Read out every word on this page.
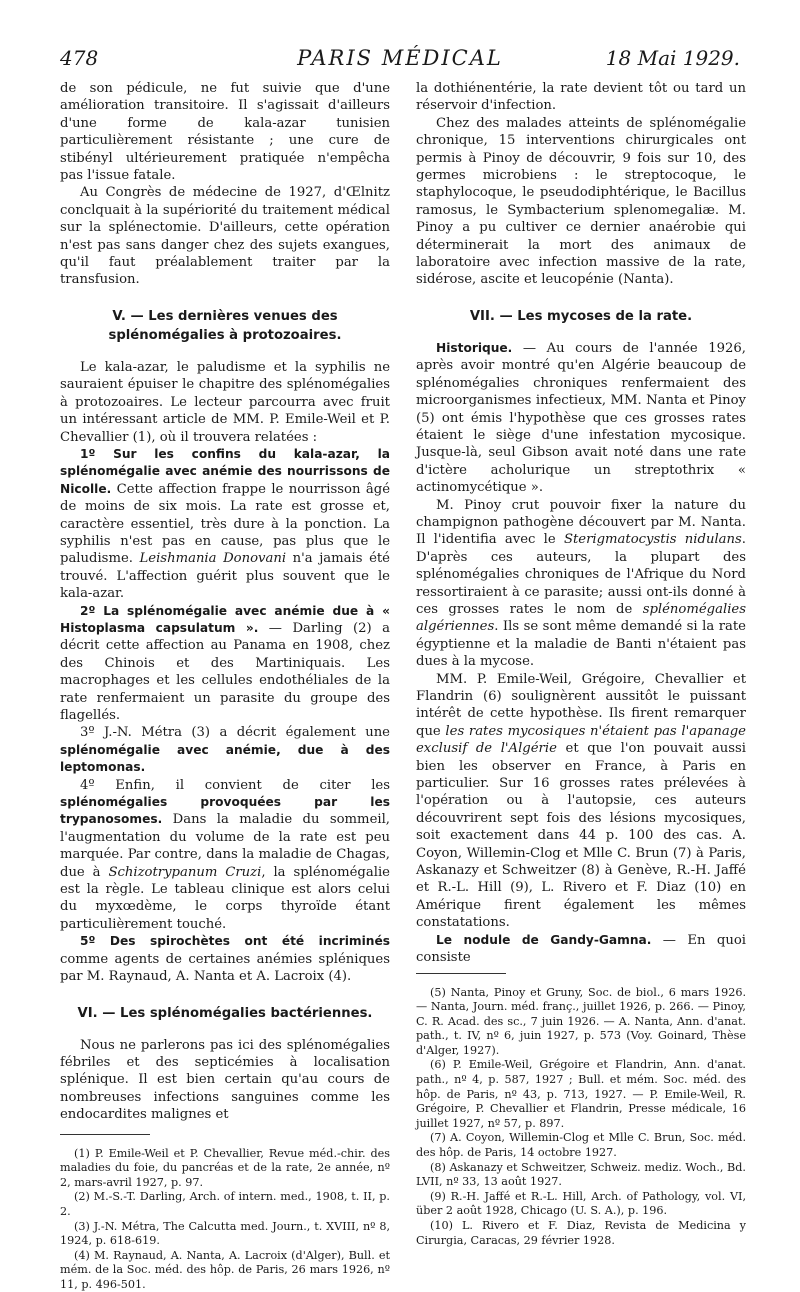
478	PARIS MÉDICAL	18 Mai 1929.

de son pédicule, ne fut suivie que d'une amélioration transitoire. Il s'agissait d'ailleurs d'une forme de kala-azar tunisien particulièrement résistante ; une cure de stibényl ultérieurement pratiquée n'empêcha pas l'issue fatale.

Au Congrès de médecine de 1927, d'Œlnitz conclquait à la supériorité du traitement médical sur la splénectomie. D'ailleurs, cette opération n'est pas sans danger chez des sujets exangues, qu'il faut préalablement traiter par la transfusion.

V. — Les dernières venues des splénomégalies à protozoaires.

Le kala-azar, le paludisme et la syphilis ne sauraient épuiser le chapitre des splénomégalies à protozoaires. Le lecteur parcourra avec fruit un intéressant article de MM. P. Emile-Weil et P. Chevallier (1), où il trouvera relatées :

1º Sur les confins du kala-azar, la splénomégalie avec anémie des nourrissons de Nicolle. Cette affection frappe le nourrisson âgé de moins de six mois. La rate est grosse et, caractère essentiel, très dure à la ponction. La syphilis n'est pas en cause, pas plus que le paludisme. Leishmania Donovani n'a jamais été trouvé. L'affection guérit plus souvent que le kala-azar.

2º La splénomégalie avec anémie due à « Histoplasma capsulatum ». — Darling (2) a décrit cette affection au Panama en 1908, chez des Chinois et des Martiniquais. Les macrophages et les cellules endothéliales de la rate renfermaient un parasite du groupe des flagellés.

3º J.-N. Métra (3) a décrit également une splénomégalie avec anémie, due à des leptomonas.

4º Enfin, il convient de citer les splénomégalies provoquées par les trypanosomes. Dans la maladie du sommeil, l'augmentation du volume de la rate est peu marquée. Par contre, dans la maladie de Chagas, due à Schizotrypanum Cruzi, la splénomégalie est la règle. Le tableau clinique est alors celui du myxœdème, le corps thyroïde étant particulièrement touché.

5º Des spirochètes ont été incriminés comme agents de certaines anémies spléniques par M. Raynaud, A. Nanta et A. Lacroix (4).

VI. — Les splénomégalies bactériennes.

Nous ne parlerons pas ici des splénomégalies fébriles et des septicémies à localisation splénique. Il est bien certain qu'au cours de nombreuses infections sanguines comme les endocardites malignes et

(1) P. Emile-Weil et P. Chevallier, Revue méd.-chir. des maladies du foie, du pancréas et de la rate, 2e année, nº 2, mars-avril 1927, p. 97.

(2) M.-S.-T. Darling, Arch. of intern. med., 1908, t. II, p. 2.

(3) J.-N. Métra, The Calcutta med. Journ., t. XVIII, nº 8, 1924, p. 618-619.

(4) M. Raynaud, A. Nanta, A. Lacroix (d'Alger), Bull. et mém. de la Soc. méd. des hôp. de Paris, 26 mars 1926, nº 11, p. 496-501.

la dothiénentérie, la rate devient tôt ou tard un réservoir d'infection.

Chez des malades atteints de splénomégalie chronique, 15 interventions chirurgicales ont permis à Pinoy de découvrir, 9 fois sur 10, des germes microbiens : le streptocoque, le staphylocoque, le pseudodiphtérique, le Bacillus ramosus, le Symbacterium splenomegaliæ. M. Pinoy a pu cultiver ce dernier anaérobie qui déterminerait la mort des animaux de laboratoire avec infection massive de la rate, sidérose, ascite et leucopénie (Nanta).

VII. — Les mycoses de la rate.

Historique. — Au cours de l'année 1926, après avoir montré qu'en Algérie beaucoup de splénomégalies chroniques renfermaient des microorganismes infectieux, MM. Nanta et Pinoy (5) ont émis l'hypothèse que ces grosses rates étaient le siège d'une infestation mycosique. Jusque-là, seul Gibson avait noté dans une rate d'ictère acholurique un streptothrix « actinomycétique ».

M. Pinoy crut pouvoir fixer la nature du champignon pathogène découvert par M. Nanta. Il l'identifia avec le Sterigmatocystis nidulans. D'après ces auteurs, la plupart des splénomégalies chroniques de l'Afrique du Nord ressortiraient à ce parasite; aussi ont-ils donné à ces grosses rates le nom de splénomégalies algériennes. Ils se sont même demandé si la rate égyptienne et la maladie de Banti n'étaient pas dues à la mycose.

MM. P. Emile-Weil, Grégoire, Chevallier et Flandrin (6) soulignèrent aussitôt le puissant intérêt de cette hypothèse. Ils firent remarquer que les rates mycosiques n'étaient pas l'apanage exclusif de l'Algérie et que l'on pouvait aussi bien les observer en France, à Paris en particulier. Sur 16 grosses rates prélevées à l'opération ou à l'autopsie, ces auteurs découvrirent sept fois des lésions mycosiques, soit exactement dans 44 p. 100 des cas. A. Coyon, Willemin-Clog et Mlle C. Brun (7) à Paris, Askanazy et Schweitzer (8) à Genève, R.-H. Jaffé et R.-L. Hill (9), L. Rivero et F. Diaz (10) en Amérique firent également les mêmes constatations.

Le nodule de Gandy-Gamna. — En quoi consiste

(5) Nanta, Pinoy et Gruny, Soc. de biol., 6 mars 1926. — Nanta, Journ. méd. franç., juillet 1926, p. 266. — Pinoy, C. R. Acad. des sc., 7 juin 1926. — A. Nanta, Ann. d'anat. path., t. IV, nº 6, juin 1927, p. 573 (Voy. Goinard, Thèse d'Alger, 1927).

(6) P. Emile-Weil, Grégoire et Flandrin, Ann. d'anat. path., nº 4, p. 587, 1927 ; Bull. et mém. Soc. méd. des hôp. de Paris, nº 43, p. 713, 1927. — P. Emile-Weil, R. Grégoire, P. Chevallier et Flandrin, Presse médicale, 16 juillet 1927, nº 57, p. 897.

(7) A. Coyon, Willemin-Clog et Mlle C. Brun, Soc. méd. des hôp. de Paris, 14 octobre 1927.

(8) Askanazy et Schweitzer, Schweiz. mediz. Woch., Bd. LVII, nº 33, 13 août 1927.

(9) R.-H. Jaffé et R.-L. Hill, Arch. of Pathology, vol. VI, über 2 août 1928, Chicago (U. S. A.), p. 196.

(10) L. Rivero et F. Diaz, Revista de Medicina y Cirurgia, Caracas, 29 février 1928.
